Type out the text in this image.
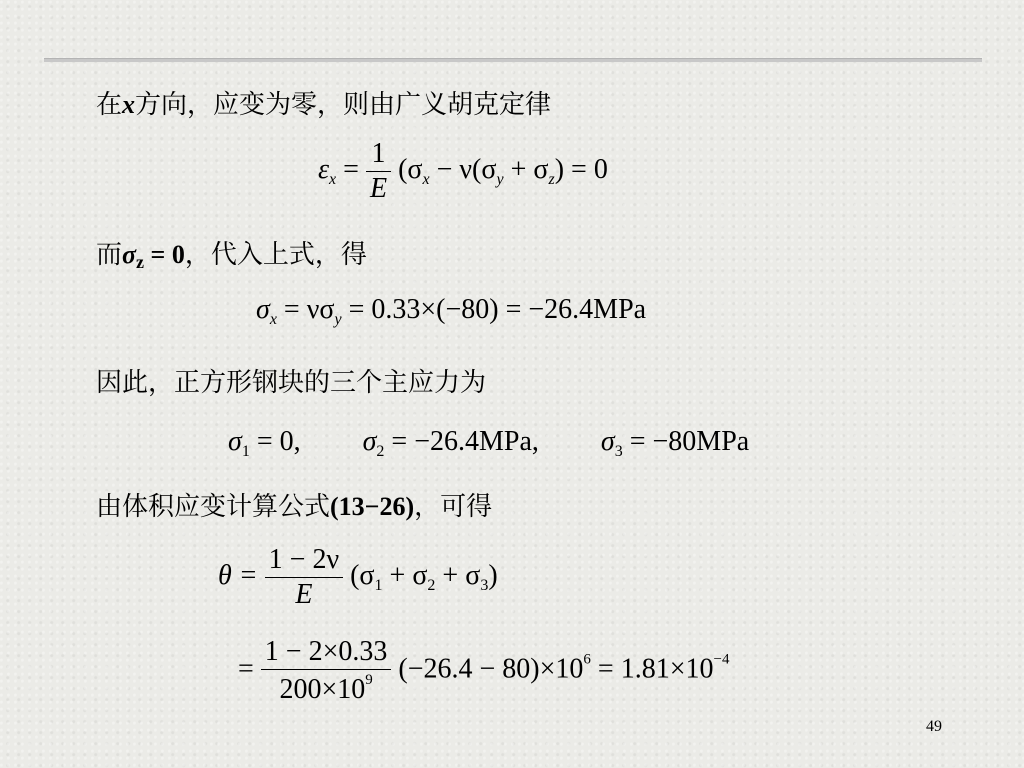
在x方向，应变为零，则由广义胡克定律
$\varepsilon_x = \frac{1}{E} (\sigma_x - \nu(\sigma_y + \sigma_z) = 0$
而σz = 0，代入上式，得
$\sigma_x = \nu\sigma_y = 0.33\times(-80) = -26.4MPa$
因此，正方形钢块的三个主应力为
$\sigma_1 = 0$, $\sigma_2 = -26.4MPa$, $\sigma_3 = -80MPa$
由体积应变计算公式(13−26)，可得
$\theta = \frac{1 - 2\nu}{E} (\sigma_1 + \sigma_2 + \sigma_3)$
= $\frac{1 - 2\times 0.33}{200\times 10^9} (-26.4 - 80)\times 10^6 = 1.81\times 10^{-4}$
49
